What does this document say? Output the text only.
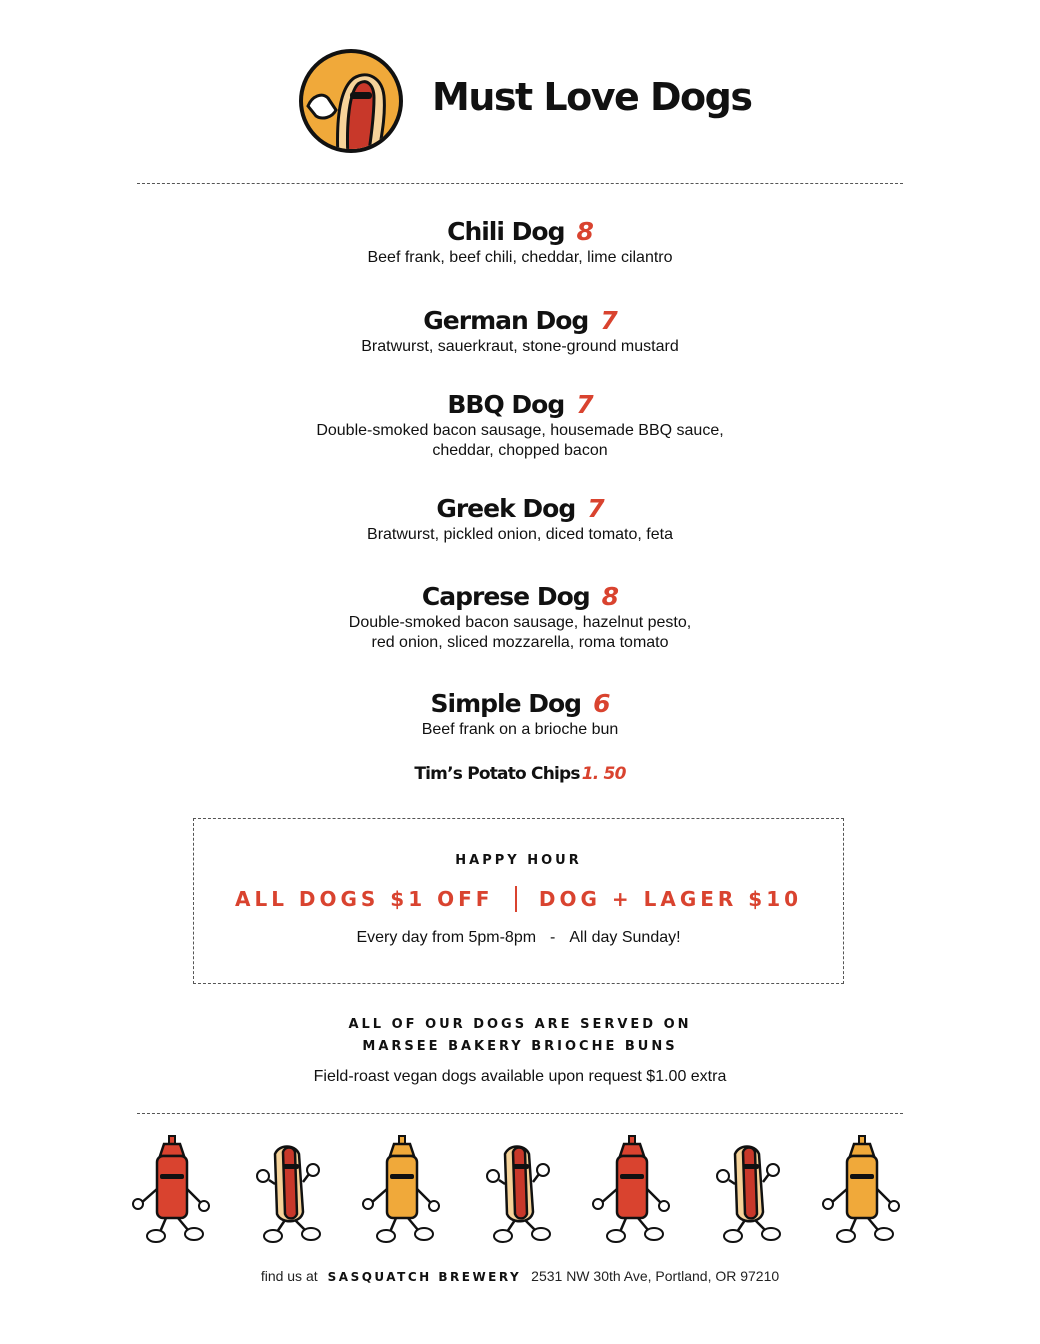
Must Love Dogs
Chili Dog 8
Beef frank, beef chili, cheddar, lime cilantro
German Dog 7
Bratwurst, sauerkraut, stone-ground mustard
BBQ Dog 7
Double-smoked bacon sausage, housemade BBQ sauce,
cheddar, chopped bacon
Greek Dog 7
Bratwurst, pickled onion, diced tomato, feta
Caprese Dog 8
Double-smoked bacon sausage, hazelnut pesto,
red onion, sliced mozzarella, roma tomato
Simple Dog 6
Beef frank on a brioche bun
Tim’s Potato Chips 1. 50
HAPPY HOUR
ALL DOGS $1 OFF DOG + LAGER $10
Every day from 5pm-8pm - All day Sunday!
ALL OF OUR DOGS ARE SERVED ON
MARSEE BAKERY BRIOCHE BUNS
Field-roast vegan dogs available upon request $1.00 extra
find us at SASQUATCH BREWERY 2531 NW 30th Ave, Portland, OR 97210
